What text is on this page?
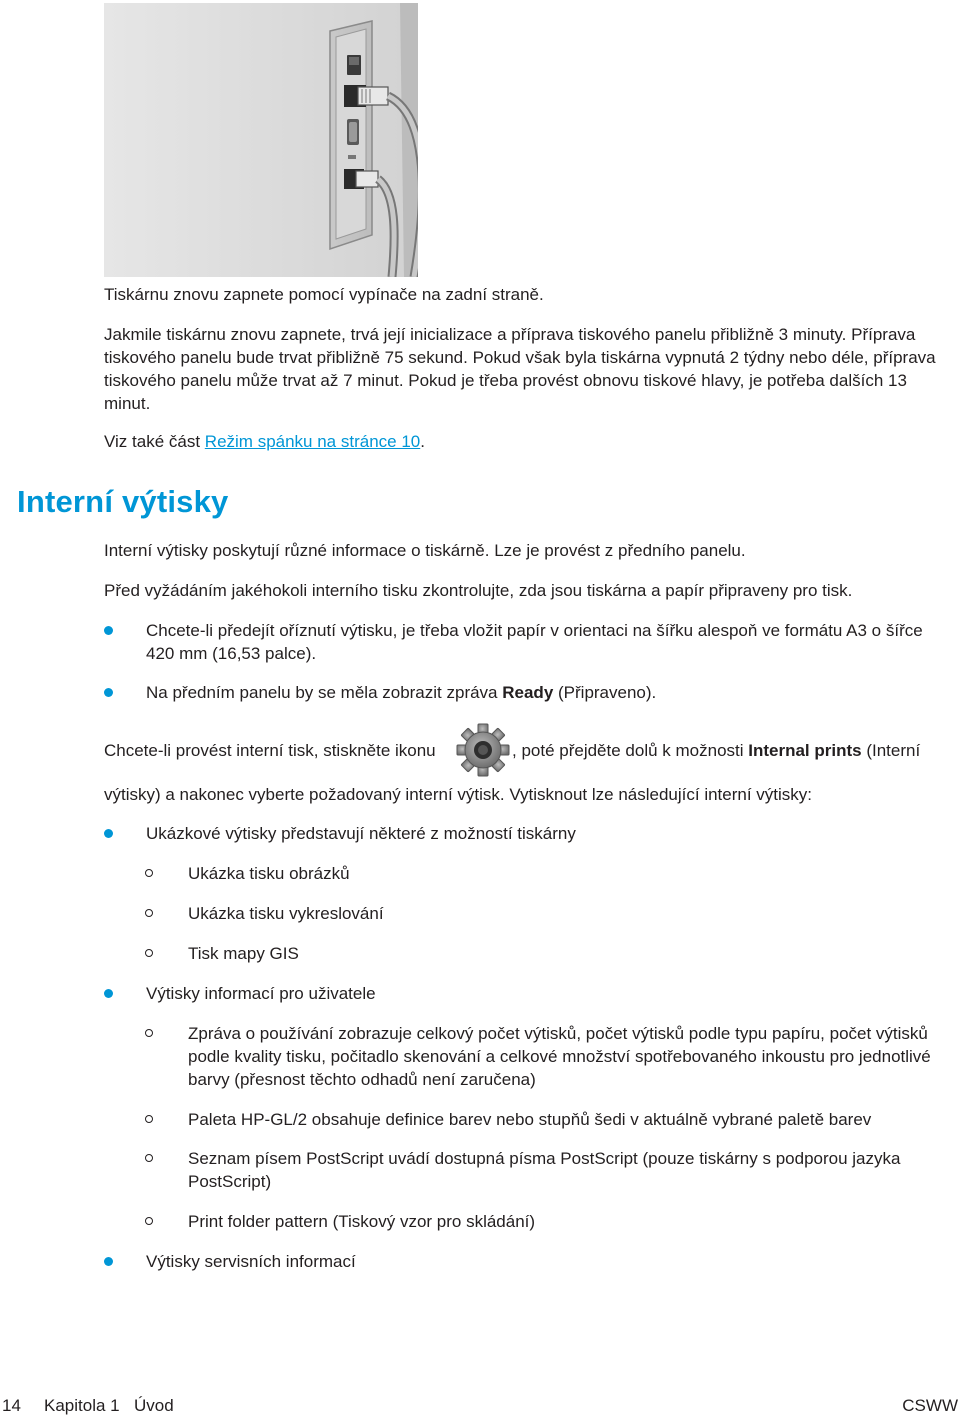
Tiskárnu znovu zapnete pomocí vypínače na zadní straně.

Jakmile tiskárnu znovu zapnete, trvá její inicializace a příprava tiskového panelu přibližně 3 minuty. Příprava tiskového panelu bude trvat přibližně 75 sekund. Pokud však byla tiskárna vypnutá 2 týdny nebo déle, příprava tiskového panelu může trvat až 7 minut. Pokud je třeba provést obnovu tiskové hlavy, je potřeba dalších 13 minut.

Viz také část Režim spánku na stránce 10.

Interní výtisky

Interní výtisky poskytují různé informace o tiskárně. Lze je provést z předního panelu.

Před vyžádáním jakéhokoli interního tisku zkontrolujte, zda jsou tiskárna a papír připraveny pro tisk.

Chcete-li předejít oříznutí výtisku, je třeba vložit papír v orientaci na šířku alespoň ve formátu A3 o šířce 420 mm (16,53 palce).

Na předním panelu by se měla zobrazit zpráva Ready (Připraveno).

Chcete-li provést interní tisk, stiskněte ikonu	, poté přejděte dolů k možnosti Internal prints (Interní

výtisky) a nakonec vyberte požadovaný interní výtisk. Vytisknout lze následující interní výtisky:

Ukázkové výtisky představují některé z možností tiskárny

Ukázka tisku obrázků

Ukázka tisku vykreslování

Tisk mapy GIS

Výtisky informací pro uživatele

Zpráva o používání zobrazuje celkový počet výtisků, počet výtisků podle typu papíru, počet výtisků podle kvality tisku, počitadlo skenování a celkové množství spotřebovaného inkoustu pro jednotlivé barvy (přesnost těchto odhadů není zaručena)

Paleta HP-GL/2 obsahuje definice barev nebo stupňů šedi v aktuálně vybrané paletě barev

Seznam písem PostScript uvádí dostupná písma PostScript (pouze tiskárny s podporou jazyka PostScript)

Print folder pattern (Tiskový vzor pro skládání)

Výtisky servisních informací

14 Kapitola 1 Úvod	CSWW
